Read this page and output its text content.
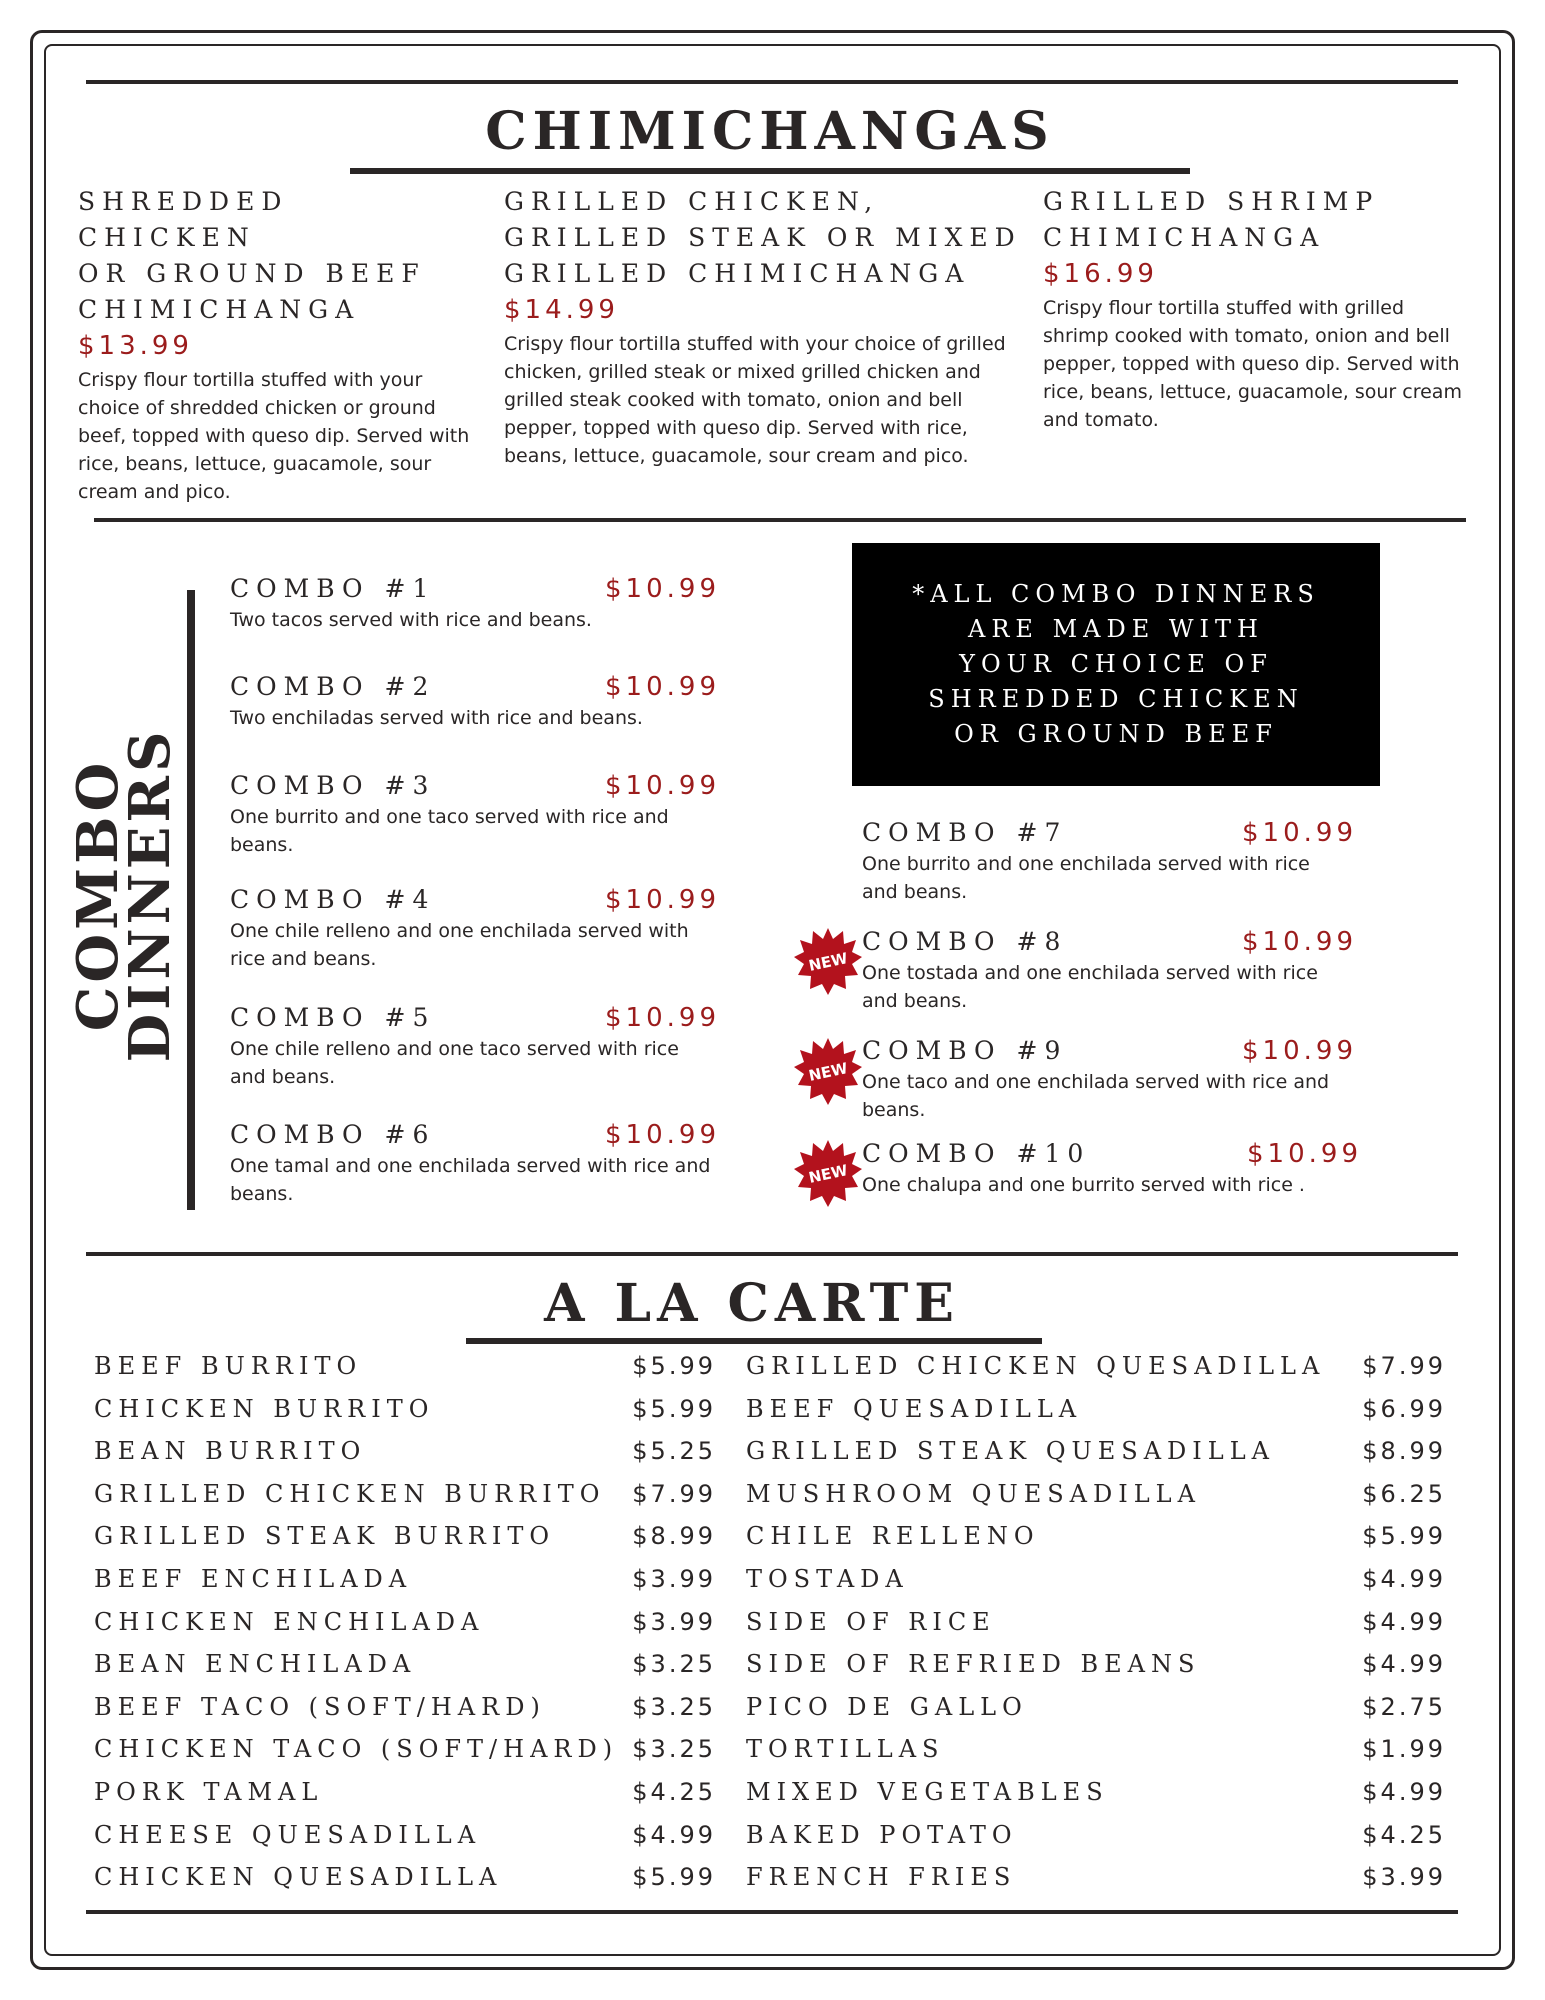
CHIMICHANGAS
SHREDDED CHICKEN
OR GROUND BEEF
CHIMICHANGA
$13.99
Crispy flour tortilla stuffed with your choice of shredded chicken or ground beef, topped with queso dip. Served with rice, beans, lettuce, guacamole, sour cream and pico.
GRILLED CHICKEN,
GRILLED STEAK OR MIXED
GRILLED CHIMICHANGA
$14.99
Crispy flour tortilla stuffed with your choice of grilled chicken, grilled steak or mixed grilled chicken and grilled steak cooked with tomato, onion and bell pepper, topped with queso dip. Served with rice, beans, lettuce, guacamole, sour cream and pico.
GRILLED SHRIMP
CHIMICHANGA
$16.99
Crispy flour tortilla stuffed with grilled shrimp cooked with tomato, onion and bell pepper, topped with queso dip. Served with rice, beans, lettuce, guacamole, sour cream and tomato.
COMBO DINNERS
COMBO #1	$10.99
Two tacos served with rice and beans.
COMBO #2	$10.99
Two enchiladas served with rice and beans.
COMBO #3	$10.99
One burrito and one taco served with rice and beans.
COMBO #4	$10.99
One chile relleno and one enchilada served with rice and beans.
COMBO #5	$10.99
One chile relleno and one taco served with rice and beans.
COMBO #6	$10.99
One tamal and one enchilada served with rice and beans.
*ALL COMBO DINNERS
ARE MADE WITH
YOUR CHOICE OF
SHREDDED CHICKEN
OR GROUND BEEF
COMBO #7	$10.99
One burrito and one enchilada served with rice and beans.
NEW
COMBO #8	$10.99
One tostada and one enchilada served with rice and beans.
NEW
COMBO #9	$10.99
One taco and one enchilada served with rice and beans.
NEW
COMBO #10	$10.99
One chalupa and one burrito served with rice .
A LA CARTE
BEEF BURRITO	$5.99
CHICKEN BURRITO	$5.99
BEAN BURRITO	$5.25
GRILLED CHICKEN BURRITO $7.99
GRILLED STEAK BURRITO	$8.99
BEEF ENCHILADA	$3.99
CHICKEN ENCHILADA	$3.99
BEAN ENCHILADA	$3.25
BEEF TACO (SOFT/HARD)	$3.25
CHICKEN TACO (SOFT/HARD) $3.25
PORK TAMAL	$4.25
CHEESE QUESADILLA	$4.99
CHICKEN QUESADILLA	$5.99
GRILLED CHICKEN QUESADILLA $7.99
BEEF QUESADILLA	$6.99
GRILLED STEAK QUESADILLA	$8.99
MUSHROOM QUESADILLA	$6.25
CHILE RELLENO	$5.99
TOSTADA	$4.99
SIDE OF RICE	$4.99
SIDE OF REFRIED BEANS	$4.99
PICO DE GALLO	$2.75
TORTILLAS	$1.99
MIXED VEGETABLES	$4.99
BAKED POTATO	$4.25
FRENCH FRIES	$3.99
